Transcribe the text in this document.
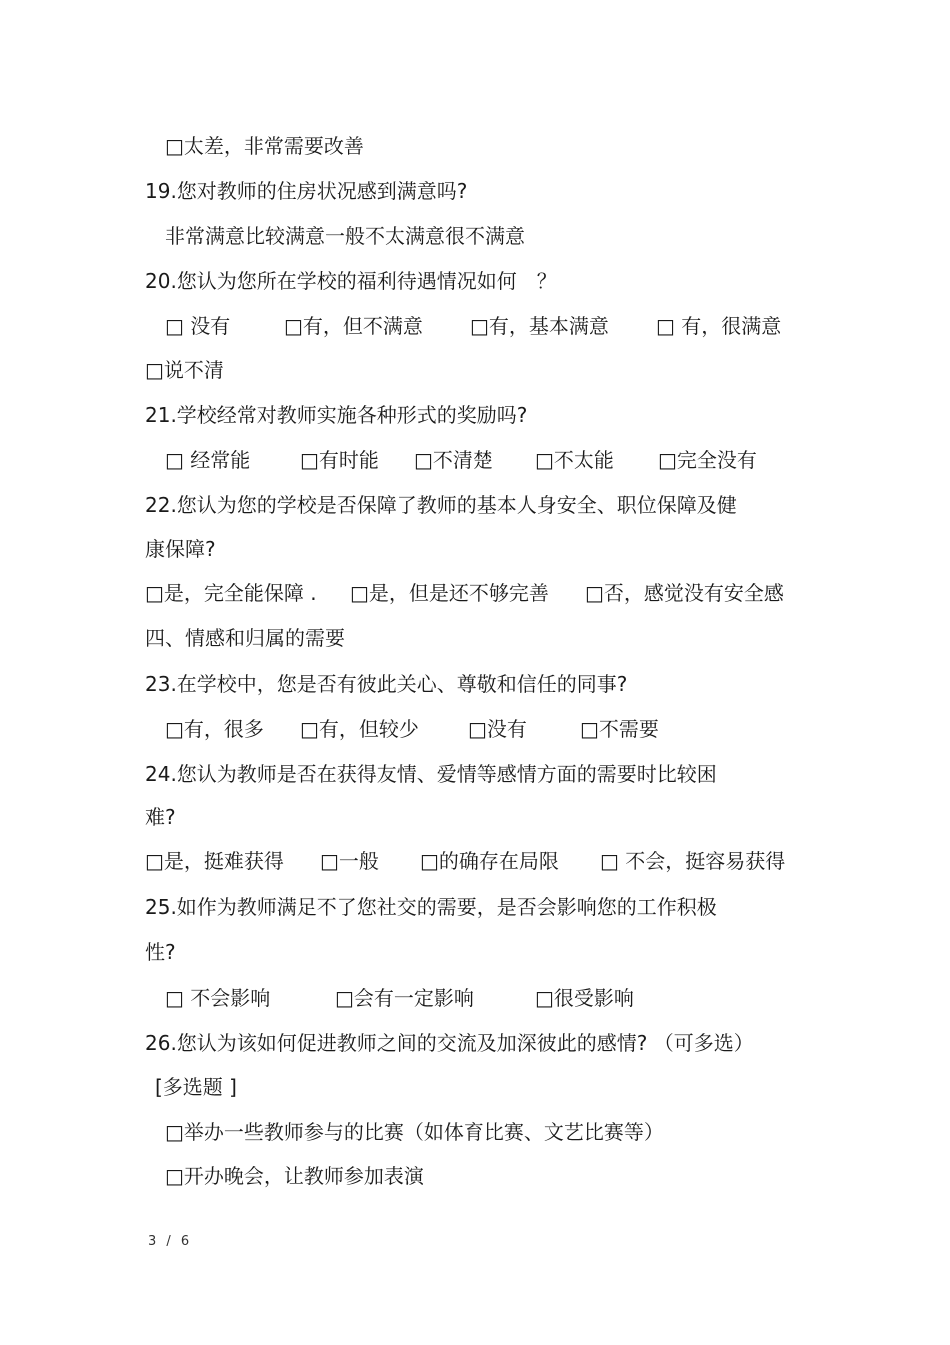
□太差，非常需要改善
19.您对教师的住房状况感到满意吗?
非常满意比较满意一般不太满意很不满意
20.您认为您所在学校的福利待遇情况如何　？
□ 没有	□有，但不满意 □有，基本满意 □ 有，很满意
□说不清
21.学校经常对教师实施各种形式的奖励吗?
□ 经常能 □有时能 □不清楚 □不太能 □完全没有
22.您认为您的学校是否保障了教师的基本人身安全、职位保障及健
康保障?
□是，完全能保障 . □是，但是还不够完善 □否，感觉没有安全感
四、情感和归属的需要
23.在学校中，您是否有彼此关心、尊敬和信任的同事?
□有，很多 □有，但较少 □没有	□不需要
24.您认为教师是否在获得友情、爱情等感情方面的需要时比较困
难?
□是，挺难获得 □一般 □的确存在局限 □ 不会，挺容易获得
25.如作为教师满足不了您社交的需要，是否会影响您的工作积极
性?
□ 不会影响	□会有一定影响	□很受影响
26.您认为该如何促进教师之间的交流及加深彼此的感情? （可多选）
[多选题 ]
□举办一些教师参与的比赛（如体育比赛、文艺比赛等）
□开办晚会，让教师参加表演
3 / 6
